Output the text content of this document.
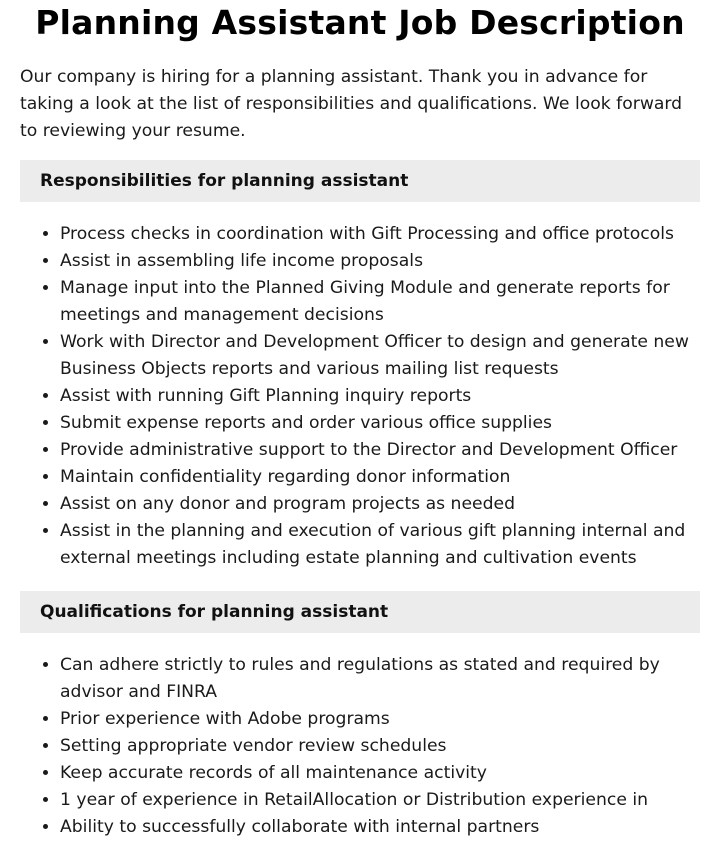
Planning Assistant Job Description

Our company is hiring for a planning assistant. Thank you in advance for taking a look at the list of responsibilities and qualifications. We look forward to reviewing your resume.

Responsibilities for planning assistant
• Process checks in coordination with Gift Processing and office protocols
• Assist in assembling life income proposals
• Manage input into the Planned Giving Module and generate reports for meetings and management decisions
• Work with Director and Development Officer to design and generate new Business Objects reports and various mailing list requests
• Assist with running Gift Planning inquiry reports
• Submit expense reports and order various office supplies
• Provide administrative support to the Director and Development Officer
• Maintain confidentiality regarding donor information
• Assist on any donor and program projects as needed
• Assist in the planning and execution of various gift planning internal and external meetings including estate planning and cultivation events
Qualifications for planning assistant
• Can adhere strictly to rules and regulations as stated and required by advisor and FINRA
• Prior experience with Adobe programs
• Setting appropriate vendor review schedules
• Keep accurate records of all maintenance activity
• 1 year of experience in RetailAllocation or Distribution experience in
• Ability to successfully collaborate with internal partners
